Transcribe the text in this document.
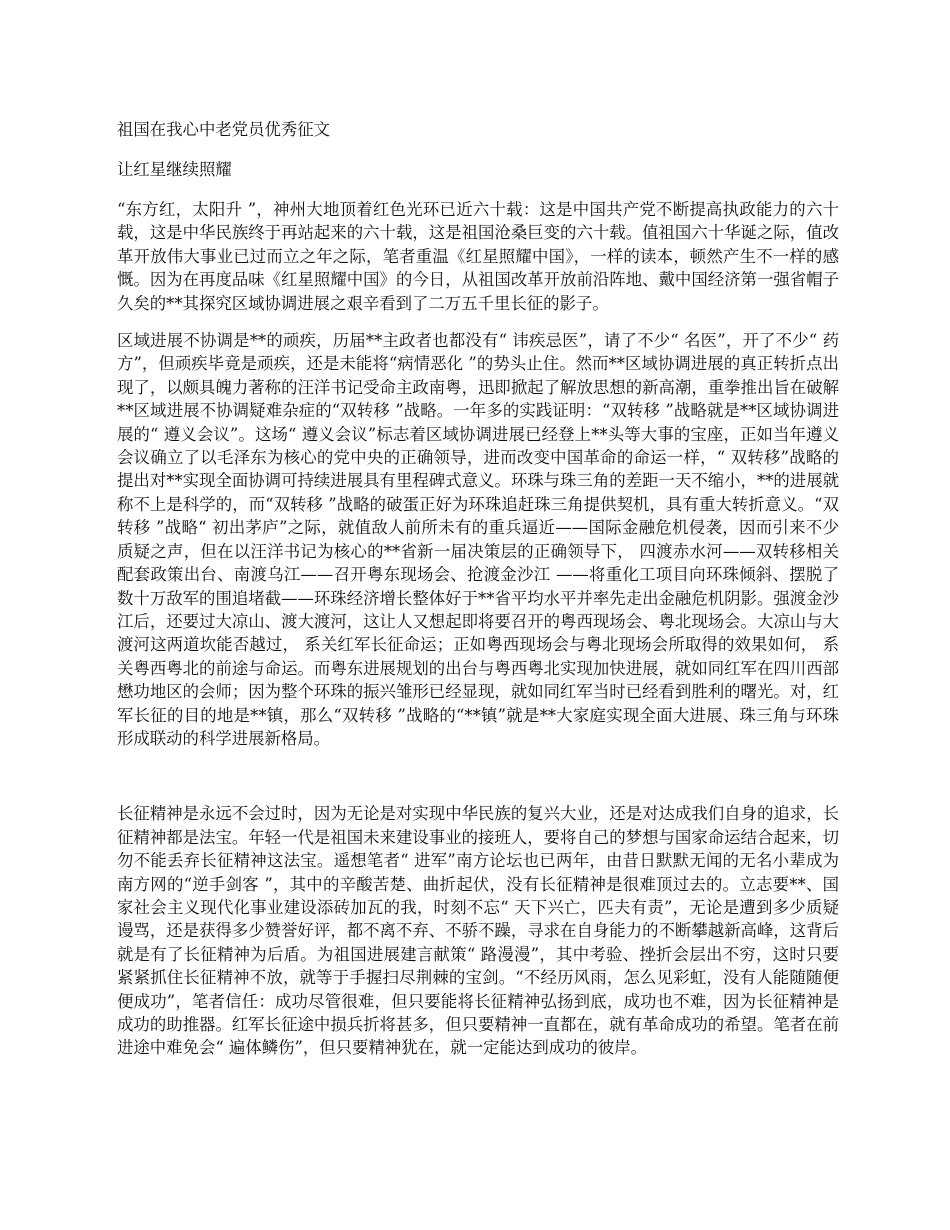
祖国在我心中老党员优秀征文
让红星继续照耀

“东方红，太阳升 ”，神州大地顶着红色光环已近六十载：这是中国共产党不断提高执政能力的六十载，这是中华民族终于再站起来的六十载，这是祖国沧桑巨变的六十载。值祖国六十华诞之际，值改革开放伟大事业已过而立之年之际，笔者重温《红星照耀中国》，一样的读本，顿然产生不一样的感慨。因为在再度品味《红星照耀中国》的今日，从祖国改革开放前沿阵地、戴中国经济第一强省帽子久矣的**其探究区域协调进展之艰辛看到了二万五千里长征的影子。

区域进展不协调是**的顽疾，历届**主政者也都没有“ 讳疾忌医”，请了不少“ 名医”，开了不少“ 药方”，但顽疾毕竟是顽疾，还是未能将“病情恶化 ”的势头止住。然而**区域协调进展的真正转折点出现了，以颇具魄力著称的汪洋书记受命主政南粤，迅即掀起了解放思想的新高潮，重拳推出旨在破解**区域进展不协调疑难杂症的“双转移 ”战略。一年多的实践证明：“双转移 ”战略就是**区域协调进展的“ 遵义会议”。这场“ 遵义会议”标志着区域协调进展已经登上**头等大事的宝座，正如当年遵义会议确立了以毛泽东为核心的党中央的正确领导，进而改变中国革命的命运一样，“ 双转移”战略的提出对**实现全面协调可持续进展具有里程碑式意义。环珠与珠三角的差距一天不缩小，**的进展就称不上是科学的，而“双转移 ”战略的破蛋正好为环珠追赶珠三角提供契机，具有重大转折意义。“双转移 ”战略“ 初出茅庐”之际，就值敌人前所未有的重兵逼近——国际金融危机侵袭，因而引来不少质疑之声，但在以汪洋书记为核心的**省新一届决策层的正确领导下， 四渡赤水河——双转移相关配套政策出台、南渡乌江——召开粤东现场会、抢渡金沙江 ——将重化工项目向环珠倾斜、摆脱了数十万敌军的围追堵截——环珠经济增长整体好于**省平均水平并率先走出金融危机阴影。强渡金沙江后，还要过大凉山、渡大渡河，这让人又想起即将要召开的粤西现场会、粤北现场会。大凉山与大渡河这两道坎能否越过， 系关红军长征命运；正如粤西现场会与粤北现场会所取得的效果如何， 系关粤西粤北的前途与命运。而粤东进展规划的出台与粤西粤北实现加快进展，就如同红军在四川西部懋功地区的会师；因为整个环珠的振兴雏形已经显现，就如同红军当时已经看到胜利的曙光。对，红军长征的目的地是**镇，那么“双转移 ”战略的“**镇”就是**大家庭实现全面大进展、珠三角与环珠形成联动的科学进展新格局。

长征精神是永远不会过时，因为无论是对实现中华民族的复兴大业，还是对达成我们自身的追求，长征精神都是法宝。年轻一代是祖国未来建设事业的接班人，要将自己的梦想与国家命运结合起来，切勿不能丢弃长征精神这法宝。遥想笔者“ 进军”南方论坛也已两年，由昔日默默无闻的无名小辈成为南方网的“逆手剑客 ”，其中的辛酸苦楚、曲折起伏，没有长征精神是很难顶过去的。立志要**、国家社会主义现代化事业建设添砖加瓦的我，时刻不忘“ 天下兴亡，匹夫有责”，无论是遭到多少质疑谩骂，还是获得多少赞誉好评，都不离不弃、不骄不躁，寻求在自身能力的不断攀越新高峰，这背后就是有了长征精神为后盾。为祖国进展建言献策“ 路漫漫”，其中考验、挫折会层出不穷，这时只要紧紧抓住长征精神不放，就等于手握扫尽荆棘的宝剑。“不经历风雨，怎么见彩虹，没有人能随随便便成功”，笔者信任：成功尽管很难，但只要能将长征精神弘扬到底，成功也不难，因为长征精神是成功的助推器。红军长征途中损兵折将甚多，但只要精神一直都在，就有革命成功的希望。笔者在前进途中难免会“ 遍体鳞伤”，但只要精神犹在，就一定能达到成功的彼岸。
